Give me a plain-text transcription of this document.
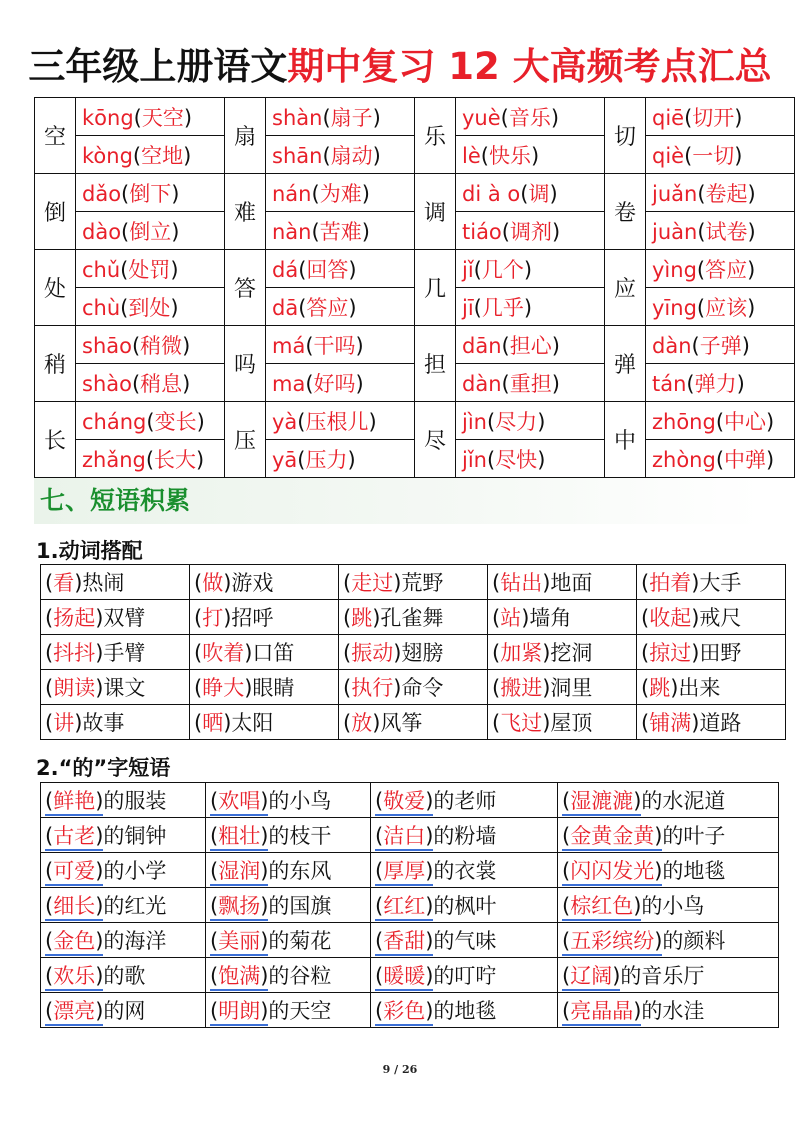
三年级上册语文期中复习 12 大高频考点汇总
空	kōng(天空)	扇	shàn(扇子)	乐	yuè(音乐)	切	qiē(切开)
	kòng(空地)		shān(扇动)		lè(快乐)		qiè(一切)
倒	dǎo(倒下)	难	nán(为难)	调	di à o(调)	卷	juǎn(卷起)
	dào(倒立)		nàn(苦难)		tiáo(调剂)		juàn(试卷)
处	chǔ(处罚)	答	dá(回答)	几	jǐ(几个)	应	yìng(答应)
	chù(到处)		dā(答应)		jī(几乎)		yīng(应该)
稍	shāo(稍微)	吗	má(干吗)	担	dān(担心)	弹	dàn(子弹)
	shào(稍息)		ma(好吗)		dàn(重担)		tán(弹力)
长	cháng(变长)	压	yà(压根儿)	尽	jìn(尽力)	中	zhōng(中心)
	zhǎng(长大)		yā(压力)		jǐn(尽快)		zhòng(中弹)
七、短语积累
1.动词搭配
(看)热闹	(做)游戏	(走过)荒野	(钻出)地面	(拍着)大手
(扬起)双臂	(打)招呼	(跳)孔雀舞	(站)墙角	(收起)戒尺
(抖抖)手臂	(吹着)口笛	(振动)翅膀	(加紧)挖洞	(掠过)田野
(朗读)课文	(睁大)眼睛	(执行)命令	(搬进)洞里	(跳)出来
(讲)故事	(晒)太阳	(放)风筝	(飞过)屋顶	(铺满)道路
2.“的”字短语
(鲜艳)的服装	(欢唱)的小鸟	(敬爱)的老师	(湿漉漉)的水泥道
(古老)的铜钟	(粗壮)的枝干	(洁白)的粉墙	(金黄金黄)的叶子
(可爱)的小学	(湿润)的东风	(厚厚)的衣裳	(闪闪发光)的地毯
(细长)的红光	(飘扬)的国旗	(红红)的枫叶	(棕红色)的小鸟
(金色)的海洋	(美丽)的菊花	(香甜)的气味	(五彩缤纷)的颜料
(欢乐)的歌	(饱满)的谷粒	(暖暖)的叮咛	(辽阔)的音乐厅
(漂亮)的网	(明朗)的天空	(彩色)的地毯	(亮晶晶)的水洼
9 / 26
